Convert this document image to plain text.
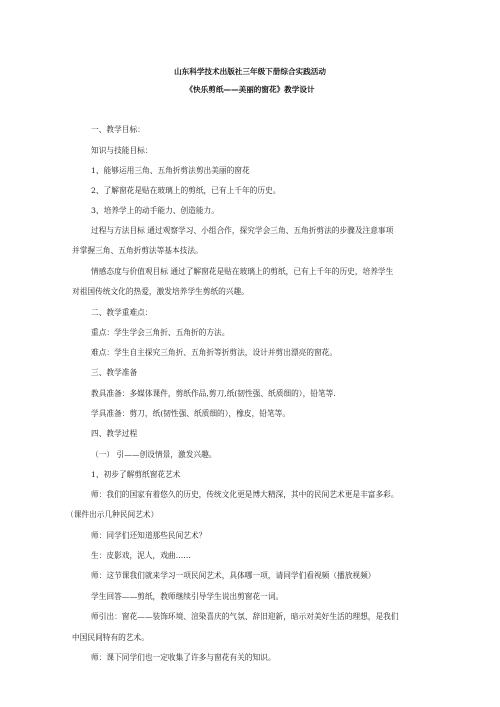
山东科学技术出版社三年级下册综合实践活动
《快乐剪纸——美丽的窗花》教学设计
一、教学目标：
知识与技能目标：
1、能够运用三角、五角折剪法剪出美丽的窗花
2、了解窗花是贴在玻璃上的剪纸，已有上千年的历史。
3、培养学上的动手能力、创造能力。
过程与方法目标 通过观察学习、小组合作，探究学会三角、五角折剪法的步骤及注意事项
并掌握三角、五角折剪法等基本技法。
情感态度与价值观目标 通过了解窗花是贴在玻璃上的剪纸，已有上千年的历史，培养学生
对祖国传统文化的热爱，激发培养学生剪纸的兴趣。
二、教学重难点：
重点：学生学会三角折、五角折的方法。
难点：学生自主探究三角折、五角折等折剪法，设计并剪出漂亮的窗花。
三、教学准备
教具准备：多媒体课件，剪纸作品,剪刀,纸(韧性强、纸质细的），铅笔等.
学具准备：剪刀，纸(韧性强、纸质细的），橡皮，铅笔等。
四、教学过程
（一） 引——创设情景，激发兴趣。
1、初步了解剪纸窗花艺术
师：我们的国家有着悠久的历史，传统文化更是博大精深，其中的民间艺术更是丰富多彩。
（课件出示几种民间艺术）
师：同学们还知道那些民间艺术？
生：皮影戏，泥人，戏曲……
师：这节课我们就来学习一项民间艺术，具体哪一项，请同学们看视频（播放视频）
学生回答——剪纸，教师继续引导学生说出剪窗花一词。
师引出：窗花——装饰环境、渲染喜庆的气氛、辞旧迎新，暗示对美好生活的理想，是我们
中国民间特有的艺术。
师：课下同学们也一定收集了许多与窗花有关的知识。
